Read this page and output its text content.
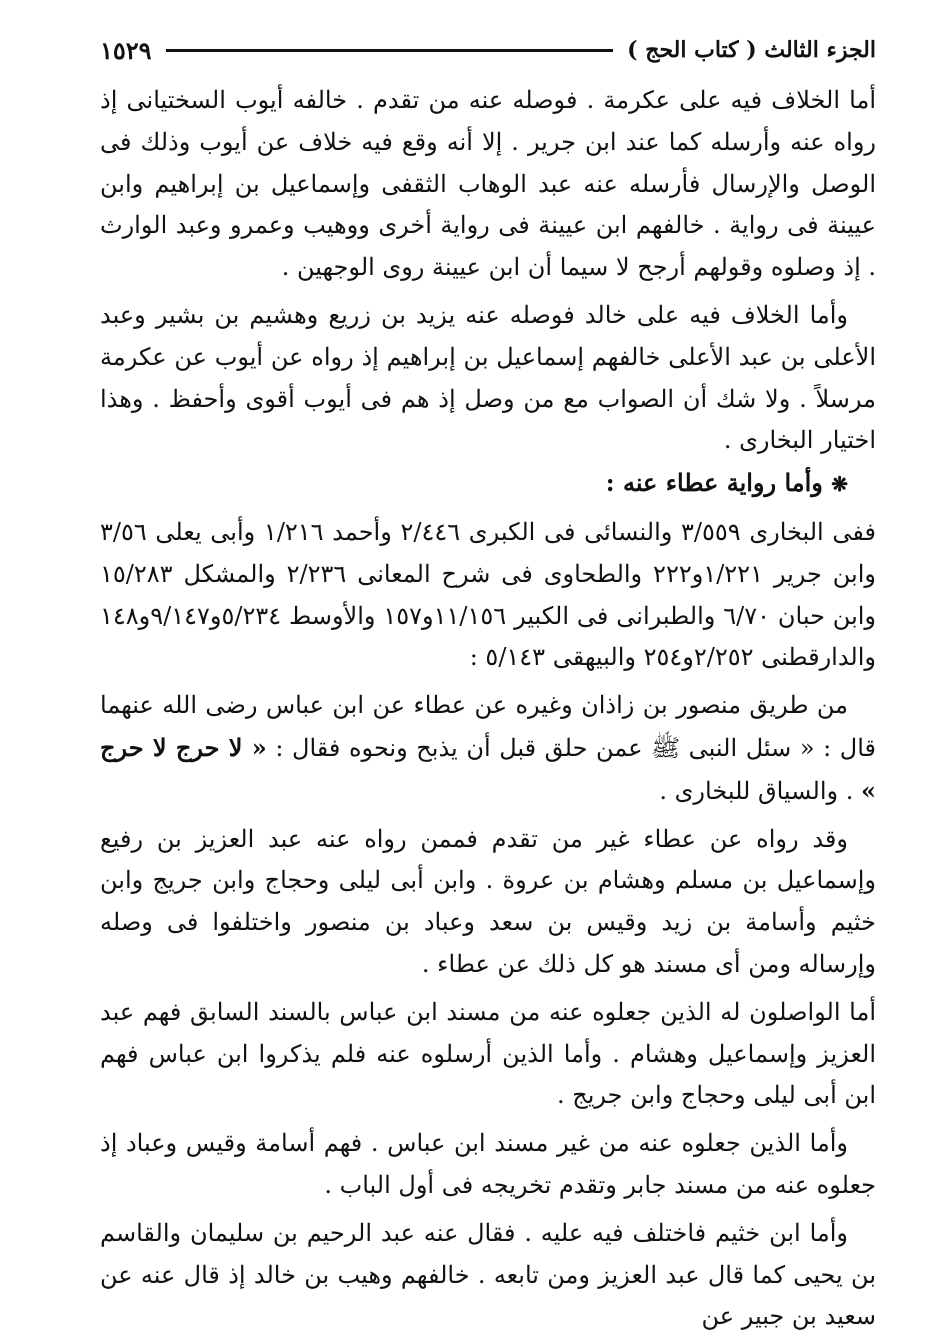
الجزء الثالث ( كتاب الحج )
١٥٢٩

أما الخلاف فيه على عكرمة . فوصله عنه من تقدم . خالفه أيوب السختيانى إذ رواه عنه وأرسله كما عند ابن جرير . إلا أنه وقع فيه خلاف عن أيوب وذلك فى الوصل والإرسال فأرسله عنه عبد الوهاب الثقفى وإسماعيل بن إبراهيم وابن عيينة فى رواية . خالفهم ابن عيينة فى رواية أخرى ووهيب وعمرو وعبد الوارث . إذ وصلوه وقولهم أرجح لا سيما أن ابن عيينة روى الوجهين .

وأما الخلاف فيه على خالد فوصله عنه يزيد بن زريع وهشيم بن بشير وعبد الأعلى بن عبد الأعلى خالفهم إسماعيل بن إبراهيم إذ رواه عن أيوب عن عكرمة مرسلاً . ولا شك أن الصواب مع من وصل إذ هم فى أيوب أقوى وأحفظ . وهذا اختيار البخارى .

❋ وأما رواية عطاء عنه :

ففى البخارى ٣/٥٥٩ والنسائى فى الكبرى ٢/٤٤٦ وأحمد ١/٢١٦ وأبى يعلى ٣/٥٦ وابن جرير ١/٢٢١و٢٢٢ والطحاوى فى شرح المعانى ٢/٢٣٦ والمشكل ١٥/٢٨٣ وابن حبان ٦/٧٠ والطبرانى فى الكبير ١١/١٥٦و١٥٧ والأوسط ٥/٢٣٤و٩/١٤٧و١٤٨ والدارقطنى ٢/٢٥٢و٢٥٤ والبيهقى ٥/١٤٣ :

من طريق منصور بن زاذان وغيره عن عطاء عن ابن عباس رضى الله عنهما قال : « سئل النبى ﷺ عمن حلق قبل أن يذبح ونحوه فقال : « لا حرج لا حرج » . والسياق للبخارى .

وقد رواه عن عطاء غير من تقدم فممن رواه عنه عبد العزيز بن رفيع وإسماعيل بن مسلم وهشام بن عروة . وابن أبى ليلى وحجاج وابن جريج وابن خثيم وأسامة بن زيد وقيس بن سعد وعباد بن منصور واختلفوا فى وصله وإرساله ومن أى مسند هو كل ذلك عن عطاء .

أما الواصلون له الذين جعلوه عنه من مسند ابن عباس بالسند السابق فهم عبد العزيز وإسماعيل وهشام . وأما الذين أرسلوه عنه فلم يذكروا ابن عباس فهم ابن أبى ليلى وحجاج وابن جريج .

وأما الذين جعلوه عنه من غير مسند ابن عباس . فهم أسامة وقيس وعباد إذ جعلوه عنه من مسند جابر وتقدم تخريجه فى أول الباب .

وأما ابن خثيم فاختلف فيه عليه . فقال عنه عبد الرحيم بن سليمان والقاسم بن يحيى كما قال عبد العزيز ومن تابعه . خالفهم وهيب بن خالد إذ قال عنه عن سعيد بن جبير عن
